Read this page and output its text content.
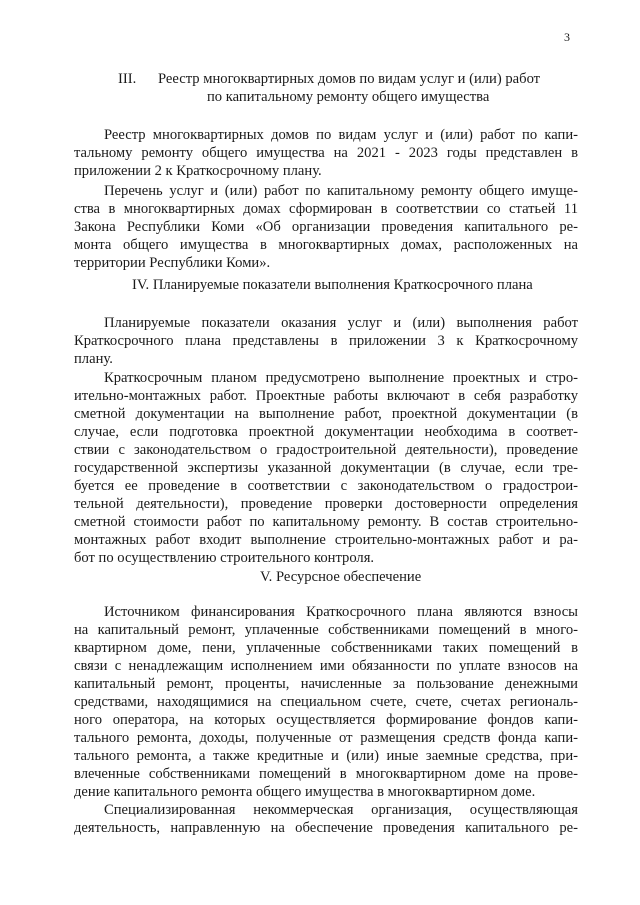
3
III. Реестр многоквартирных домов по видам услуг и (или) работ
по капитальному ремонту общего имущества
Реестр многоквартирных домов по видам услуг и (или) работ по капи-
тальному ремонту общего имущества на 2021 - 2023 годы представлен в
приложении 2 к Краткосрочному плану.
Перечень услуг и (или) работ по капитальному ремонту общего имуще-
ства в многоквартирных домах сформирован в соответствии со статьей 11
Закона Республики Коми «Об организации проведения капитального ре-
монта общего имущества в многоквартирных домах, расположенных на
территории Республики Коми».
IV. Планируемые показатели выполнения Краткосрочного плана
Планируемые показатели оказания услуг и (или) выполнения работ
Краткосрочного плана представлены в приложении 3 к Краткосрочному
плану.
Краткосрочным планом предусмотрено выполнение проектных и стро-
ительно-монтажных работ. Проектные работы включают в себя разработку
сметной документации на выполнение работ, проектной документации (в
случае, если подготовка проектной документации необходима в соответ-
ствии с законодательством о градостроительной деятельности), проведение
государственной экспертизы указанной документации (в случае, если тре-
буется ее проведение в соответствии с законодательством о градострои-
тельной деятельности), проведение проверки достоверности определения
сметной стоимости работ по капитальному ремонту. В состав строительно-
монтажных работ входит выполнение строительно-монтажных работ и ра-
бот по осуществлению строительного контроля.
V. Ресурсное обеспечение
Источником финансирования Краткосрочного плана являются взносы
на капитальный ремонт, уплаченные собственниками помещений в много-
квартирном доме, пени, уплаченные собственниками таких помещений в
связи с ненадлежащим исполнением ими обязанности по уплате взносов на
капитальный ремонт, проценты, начисленные за пользование денежными
средствами, находящимися на специальном счете, счете, счетах региональ-
ного оператора, на которых осуществляется формирование фондов капи-
тального ремонта, доходы, полученные от размещения средств фонда капи-
тального ремонта, а также кредитные и (или) иные заемные средства, при-
влеченные собственниками помещений в многоквартирном доме на прове-
дение капитального ремонта общего имущества в многоквартирном доме.
Специализированная некоммерческая организация, осуществляющая
деятельность, направленную на обеспечение проведения капитального ре-
